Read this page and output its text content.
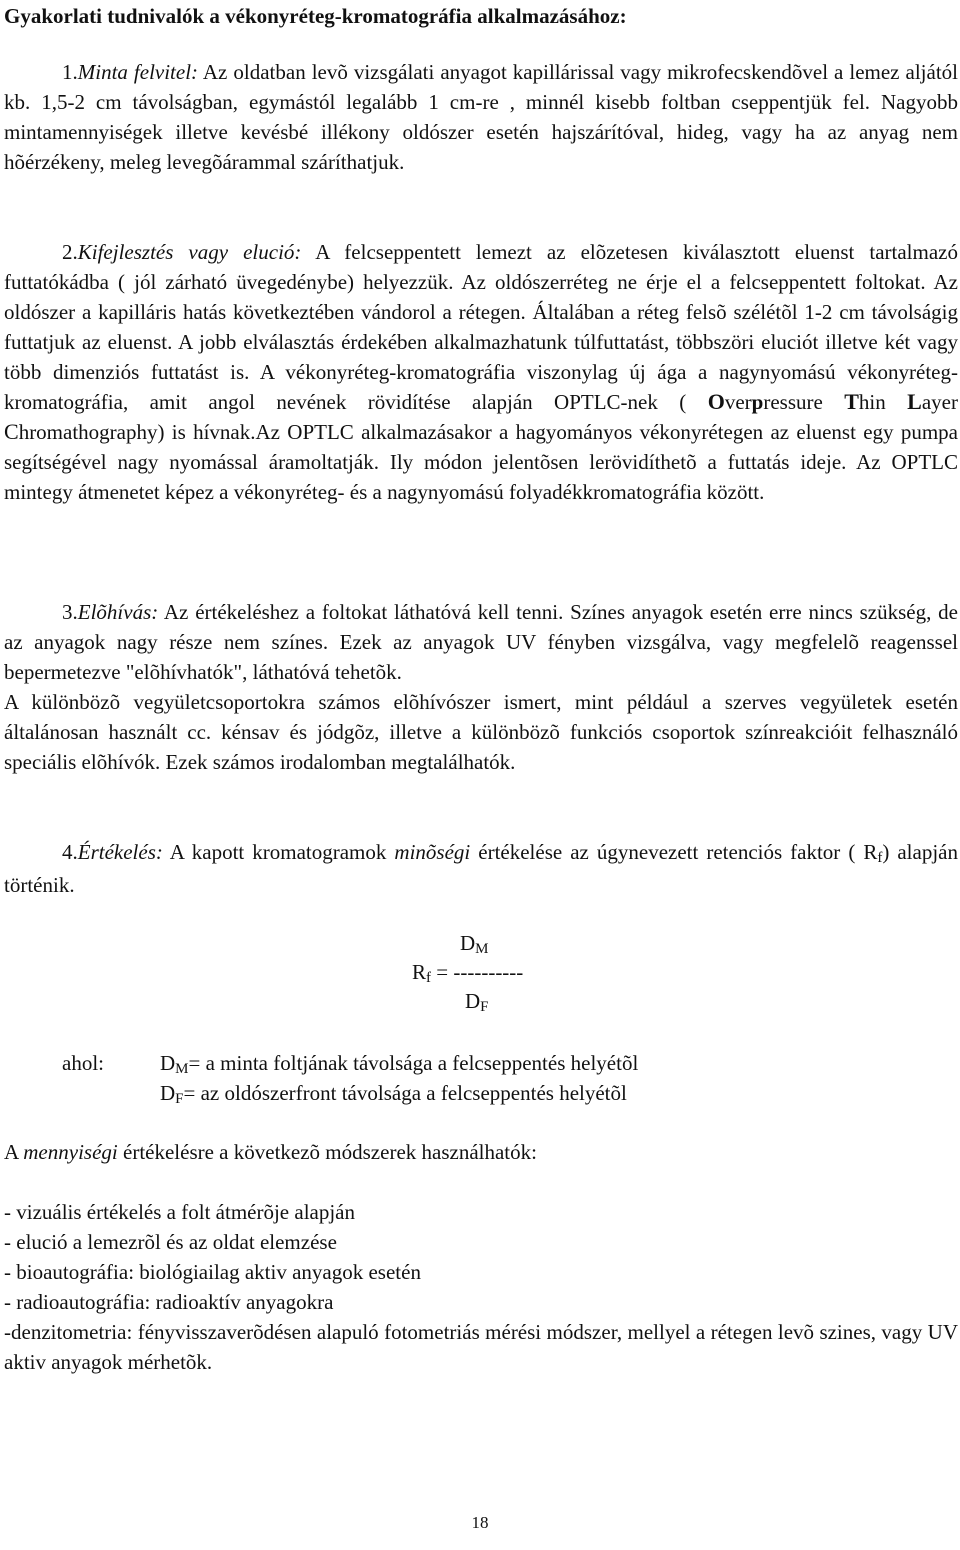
Gyakorlati tudnivalók a vékonyréteg-kromatográfia alkalmazásához:

1.Minta felvitel: Az oldatban levõ vizsgálati anyagot kapillárissal vagy mikrofecskendõvel a lemez aljától kb. 1,5-2 cm távolságban, egymástól legalább 1 cm-re , minnél kisebb foltban cseppentjük fel. Nagyobb mintamennyiségek illetve kevésbé illékony oldószer esetén hajszárítóval, hideg, vagy ha az anyag nem hõérzékeny, meleg levegõárammal száríthatjuk.

2.Kifejlesztés vagy elució: A felcseppentett lemezt az elõzetesen kiválasztott eluenst tartalmazó futtatókádba ( jól zárható üvegedénybe) helyezzük. Az oldószerréteg ne érje el a felcseppentett foltokat. Az oldószer a kapilláris hatás következtében vándorol a rétegen. Általában a réteg felsõ szélétõl 1-2 cm távolságig futtatjuk az eluenst. A jobb elválasztás érdekében alkalmazhatunk túlfuttatást, többszöri eluciót illetve két vagy több dimenziós futtatást is. A vékonyréteg-kromatográfia viszonylag új ága a nagynyomású vékonyréteg-kromatográfia, amit angol nevének rövidítése alapján OPTLC-nek ( Overpressure Thin Layer Chromathography) is hívnak.Az OPTLC alkalmazásakor a hagyományos vékonyrétegen az eluenst egy pumpa segítségével nagy nyomással áramoltatják. Ily módon jelentõsen lerövidíthetõ a futtatás ideje. Az OPTLC mintegy átmenetet képez a vékonyréteg- és a nagynyomású folyadékkromatográfia között.

3.Elõhívás: Az értékeléshez a foltokat láthatóvá kell tenni. Színes anyagok esetén erre nincs szükség, de az anyagok nagy része nem színes. Ezek az anyagok UV fényben vizsgálva, vagy megfelelõ reagenssel bepermetezve "elõhívhatók", láthatóvá tehetõk.

A különbözõ vegyületcsoportokra számos elõhívószer ismert, mint például a szerves vegyületek esetén általánosan használt cc. kénsav és jódgõz, illetve a különbözõ funkciós csoportok színreakcióit felhasználó speciális elõhívók. Ezek számos irodalomban megtalálhatók.

4.Értékelés: A kapott kromatogramok minõségi értékelése az úgynevezett retenciós faktor ( Rf) alapján történik.

DM
Rf = ----------
DF
ahol:	DM= a minta foltjának távolsága a felcseppentés helyétõl
DF= az oldószerfront távolsága a felcseppentés helyétõl

A mennyiségi értékelésre a következõ módszerek használhatók:

- vizuális értékelés a folt átmérõje alapján
- elució a lemezrõl és az oldat elemzése
- bioautográfia: biológiailag aktiv anyagok esetén
- radioautográfia: radioaktív anyagokra
-denzitometria: fényvisszaverõdésen alapuló fotometriás mérési módszer, mellyel a rétegen levõ szines, vagy UV aktiv anyagok mérhetõk.
18
